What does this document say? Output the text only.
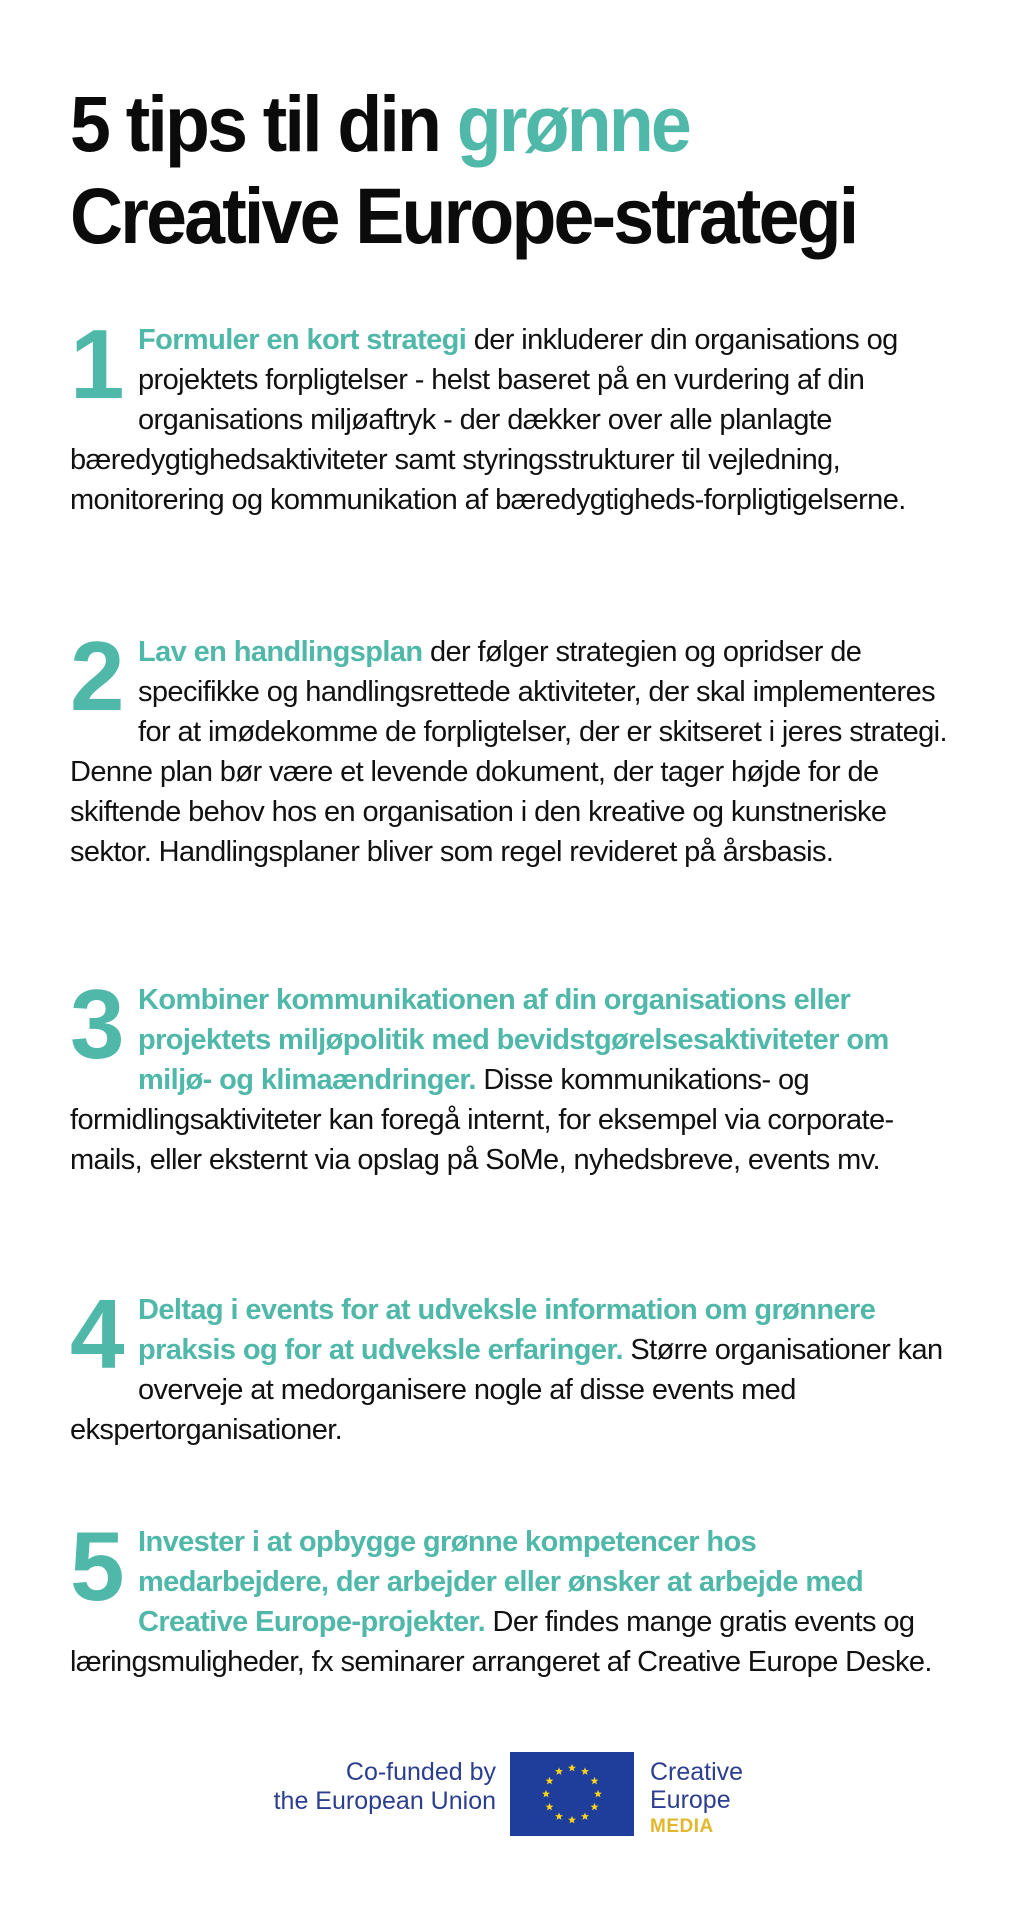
5 tips til din grønne
Creative Europe-strategi
1 Formuler en kort strategi der inkluderer din organisations og projektets forpligtelser - helst baseret på en vurdering af din organisations miljøaftryk - der dækker over alle planlagte bæredygtighedsaktiviteter samt styringsstrukturer til vejledning, monitorering og kommunikation af bæredygtigheds-forpligtigelserne.
2 Lav en handlingsplan der følger strategien og opridser de specifikke og handlingsrettede aktiviteter, der skal implementeres for at imødekomme de forpligtelser, der er skitseret i jeres strategi. Denne plan bør være et levende dokument, der tager højde for de skiftende behov hos en organisation i den kreative og kunstneriske sektor. Handlingsplaner bliver som regel revideret på årsbasis.
3 Kombiner kommunikationen af din organisations eller projektets miljøpolitik med bevidstgørelsesaktiviteter om miljø- og klimaændringer. Disse kommunikations- og formidlingsaktiviteter kan foregå internt, for eksempel via corporate-mails, eller eksternt via opslag på SoMe, nyhedsbreve, events mv.
4 Deltag i events for at udveksle information om grønnere praksis og for at udveksle erfaringer. Større organisationer kan overveje at medorganisere nogle af disse events med ekspertorganisationer.
5 Invester i at opbygge grønne kompetencer hos medarbejdere, der arbejder eller ønsker at arbejde med Creative Europe-projekter. Der findes mange gratis events og læringsmuligheder, fx seminarer arrangeret af Creative Europe Deske.
Co-funded by
the European Union
Creative
Europe
MEDIA
